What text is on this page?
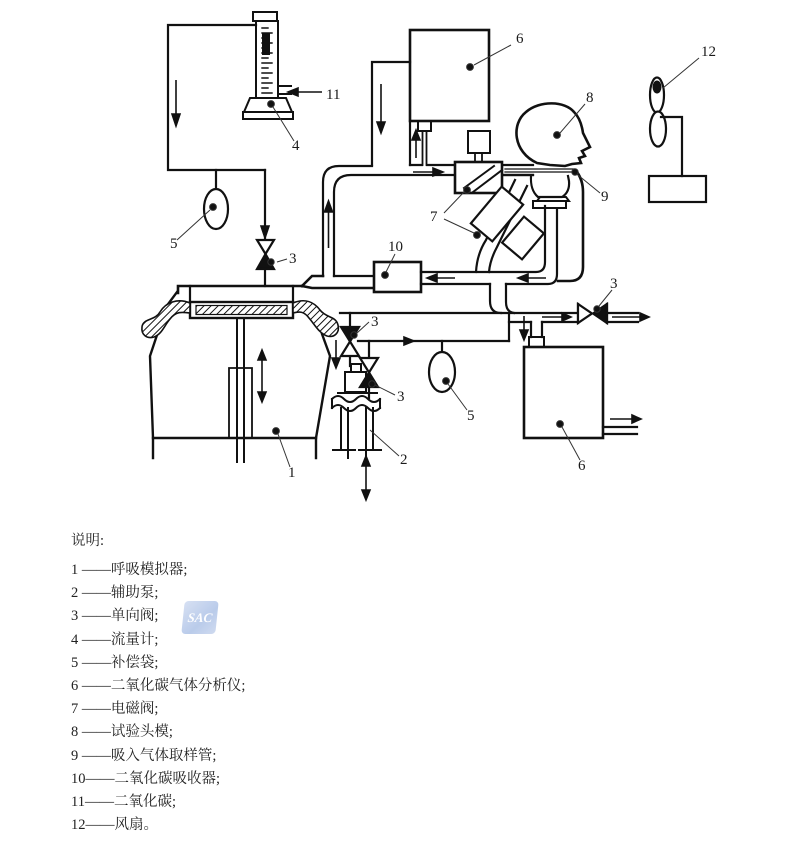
6
8
12
11
4
5
3
10
7
9
3
3
3
5
1
2	6
SAC
说明:
1 ——呼吸模拟器;
2 ——辅助泵;
3 ——单向阀;
4 ——流量计;
5 ——补偿袋;
6 ——二氧化碳气体分析仪;
7 ——电磁阀;
8 ——试验头模;
9 ——吸入气体取样管;
10——二氧化碳吸收器;
11——二氧化碳;
12——风扇。
